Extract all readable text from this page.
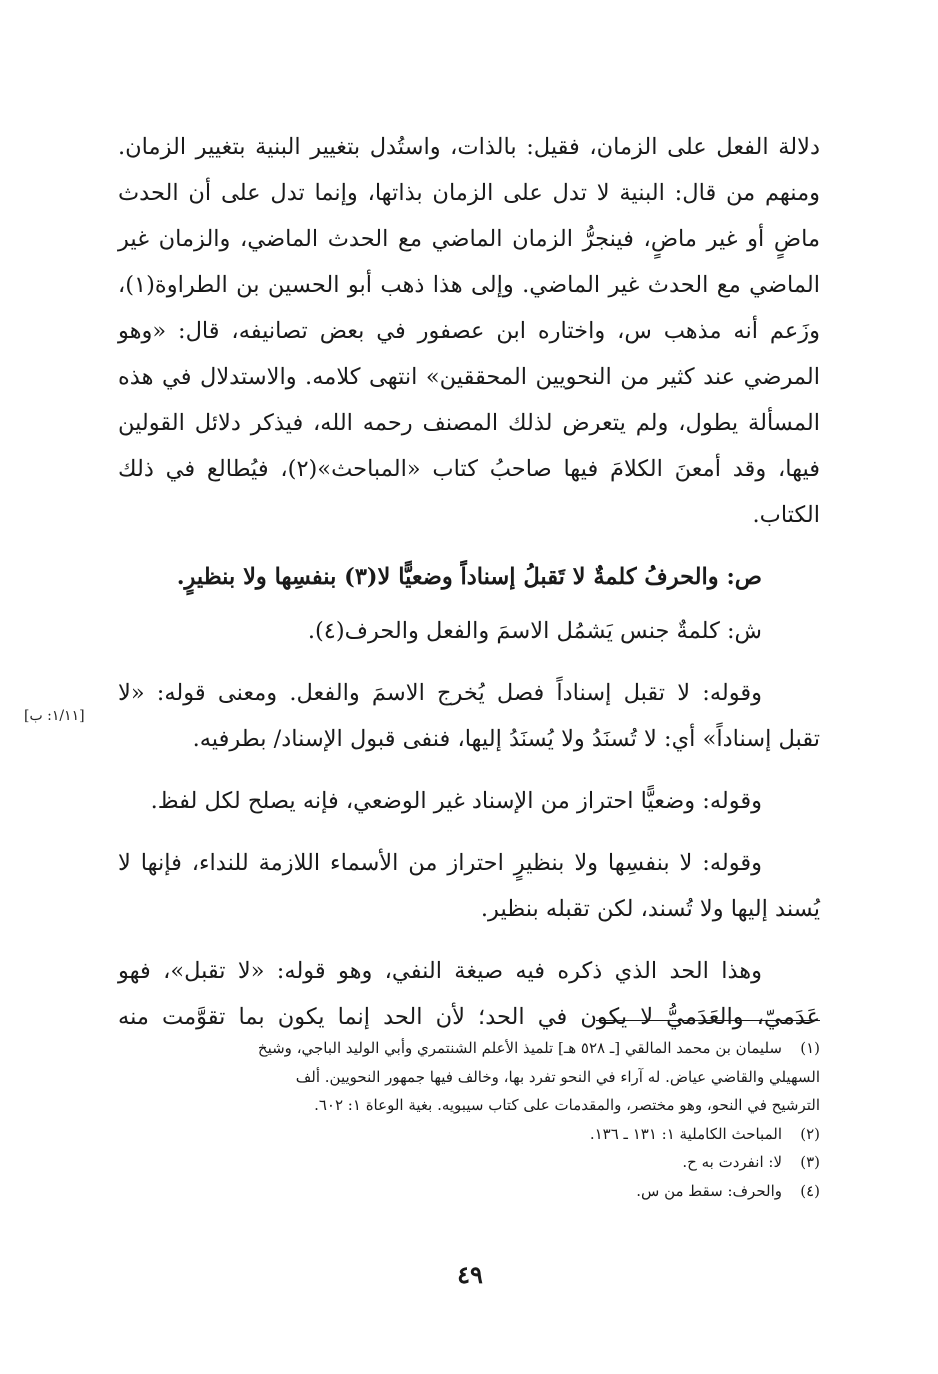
دلالة الفعل على الزمان، فقيل: بالذات، واستُدل بتغيير البنية بتغيير الزمان.
ومنهم من قال: البنية لا تدل على الزمان بذاتها، وإنما تدل على أن الحدث
ماضٍ أو غير ماضٍ، فينجرُّ الزمان الماضي مع الحدث الماضي، والزمان غير
الماضي مع الحدث غير الماضي. وإلى هذا ذهب أبو الحسين بن الطراوة(١)،
وزَعم أنه مذهب س، واختاره ابن عصفور في بعض تصانيفه، قال: «وهو
المرضي عند كثير من النحويين المحققين» انتهى كلامه. والاستدلال في هذه
المسألة يطول، ولم يتعرض لذلك المصنف رحمه الله، فيذكر دلائل القولين
فيها، وقد أمعنَ الكلامَ فيها صاحبُ كتاب «المباحث»(٢)، فيُطالع في ذلك
الكتاب.
ص: والحرفُ كلمةٌ لا تَقبلُ إسناداً وضعيًّا لا(٣) بنفسِها ولا بنظيرٍ.
ش: كلمةٌ جنس يَشمُل الاسمَ والفعل والحرف(٤).
وقوله: لا تقبل إسناداً فصل يُخرج الاسمَ والفعل. ومعنى قوله: «لا
تقبل إسناداً» أي: لا تُسنَدُ ولا يُسنَدُ إليها، فنفى قبول الإسناد/ بطرفيه.
وقوله: وضعيًّا احتراز من الإسناد غير الوضعي، فإنه يصلح لكل لفظ.
وقوله: لا بنفسِها ولا بنظيرٍ احتراز من الأسماء اللازمة للنداء، فإنها لا
يُسند إليها ولا تُسند، لكن تقبله بنظير.
وهذا الحد الذي ذكره فيه صيغة النفي، وهو قوله: «لا تقبل»، فهو
عَدَميّ، والعَدَميُّ لا يكون في الحد؛ لأن الحد إنما يكون بما تقوَّمت منه
[١/١١: ب]
(١)سليمان بن محمد المالقي [ـ ٥٢٨ هـ] تلميذ الأعلم الشنتمري وأبي الوليد الباجي، وشيخ
السهيلي والقاضي عياض. له آراء في النحو تفرد بها، وخالف فيها جمهور النحويين. ألف
الترشيح في النحو، وهو مختصر، والمقدمات على كتاب سيبويه. بغية الوعاة ١: ٦٠٢.
(٢)المباحث الكاملية ١: ١٣١ ـ ١٣٦.
(٣)لا: انفردت به ح.
(٤)والحرف: سقط من س.
٤٩
